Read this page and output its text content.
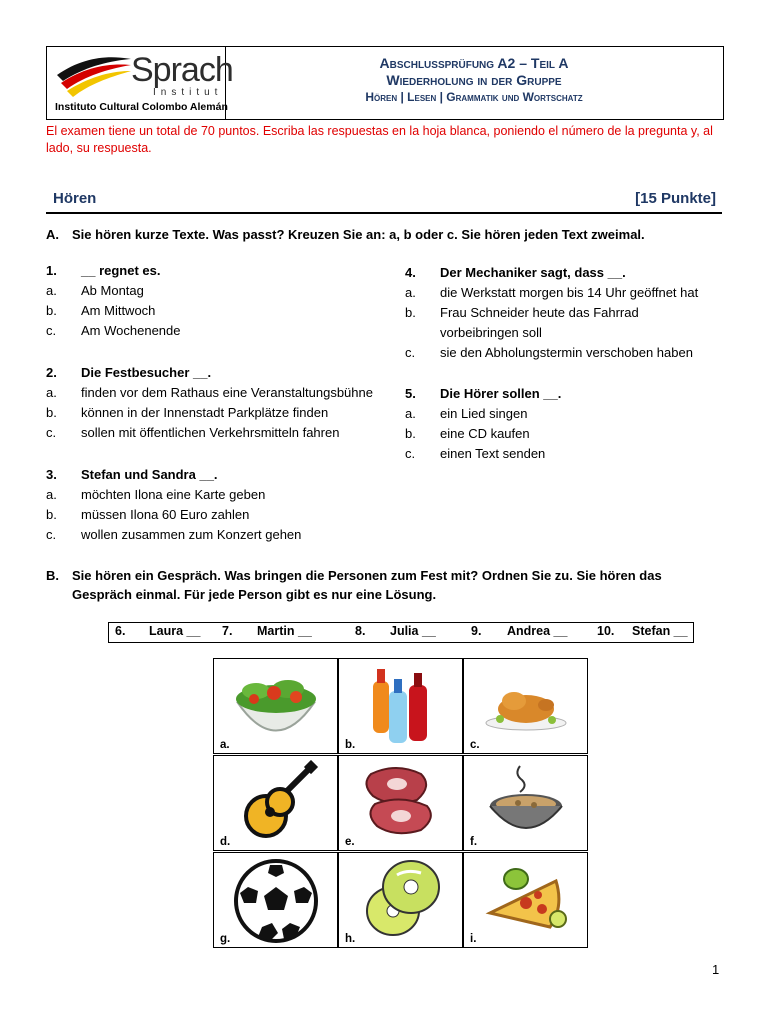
Sprach
Institut
Instituto Cultural Colombo Alemán
Abschlussprüfung A2 – Teil A
Wiederholung in der Gruppe
Hören | Lesen | Grammatik und Wortschatz
El examen tiene un total de 70 puntos. Escriba las respuestas en la hoja blanca, poniendo el número de la pregunta y, al lado, su respuesta.
Hören	[15 Punkte]
A. Sie hören kurze Texte. Was passt? Kreuzen Sie an: a, b oder c. Sie hören jeden Text zweimal.
1.	__ regnet es.
a.	Ab Montag
b.	Am Mittwoch
c.	Am Wochenende
2.	Die Festbesucher __.
a.	finden vor dem Rathaus eine Veranstaltungsbühne
b.	können in der Innenstadt Parkplätze finden
c.	sollen mit öffentlichen Verkehrsmitteln fahren
3.	Stefan und Sandra __.
a.	möchten Ilona eine Karte geben
b.	müssen Ilona 60 Euro zahlen
c.	wollen zusammen zum Konzert gehen
4.	Der Mechaniker sagt, dass __.
a.	die Werkstatt morgen bis 14 Uhr geöffnet hat
b.	Frau Schneider heute das Fahrrad vorbeibringen soll
c.	sie den Abholungstermin verschoben haben
5.	Die Hörer sollen __.
a.	ein Lied singen
b.	eine CD kaufen
c.	einen Text senden
B. Sie hören ein Gespräch. Was bringen die Personen zum Fest mit? Ordnen Sie zu. Sie hören das Gespräch einmal. Für jede Person gibt es nur eine Lösung.
6. Laura __ 7. Martin __	8. Julia __	9. Andrea __ 10. Stefan __
a.	b.	c.
d.	e.	f.
g.	h.	i.
1
